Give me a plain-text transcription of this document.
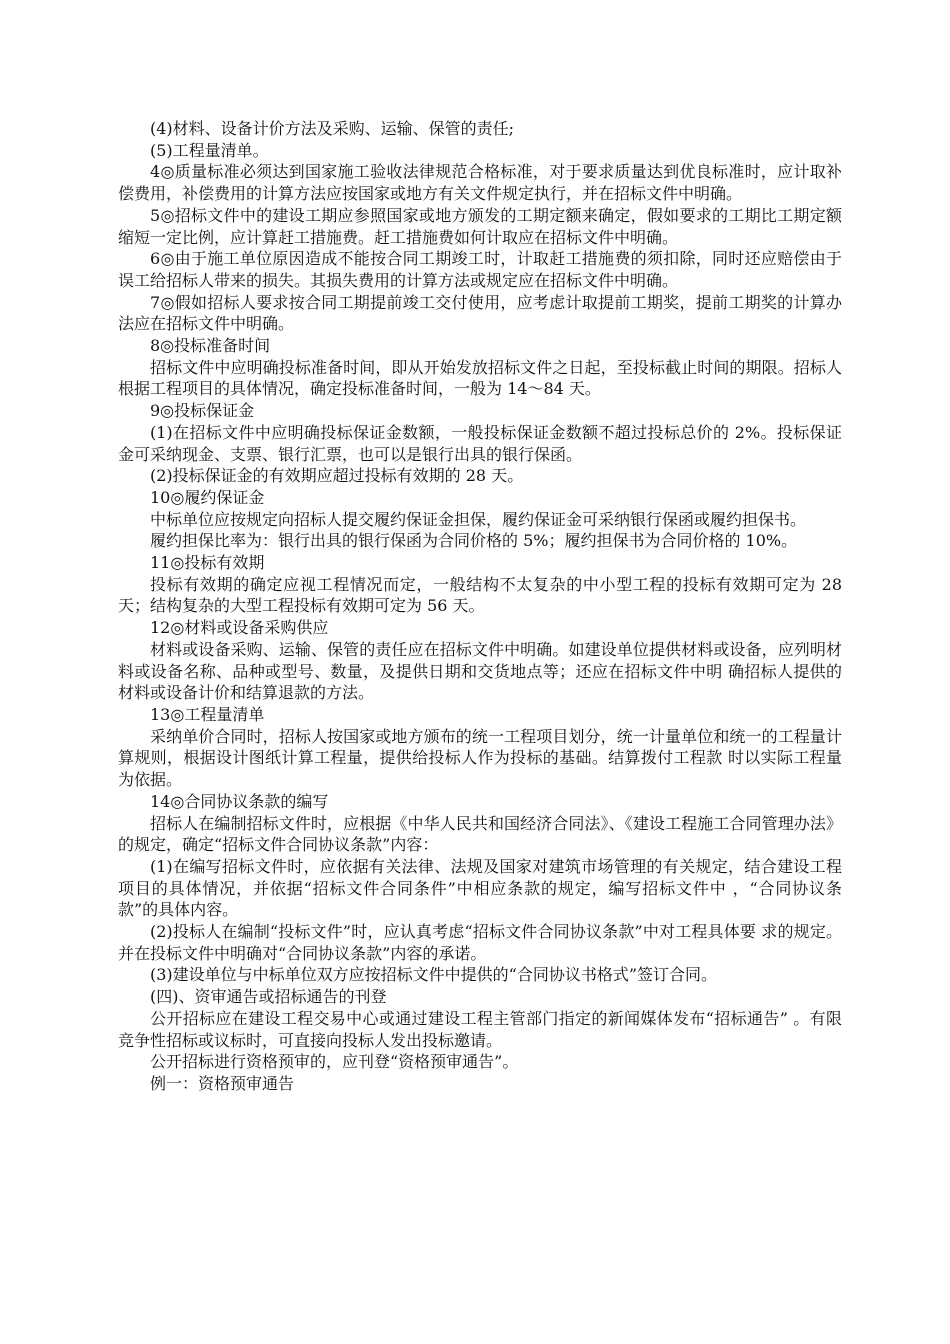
(4)材料、设备计价方法及采购、运输、保管的责任;

(5)工程量清单。

4◎质量标准必须达到国家施工验收法律规范合格标准，对于要求质量达到优良标准时，应计取补偿费用，补偿费用的计算方法应按国家或地方有关文件规定执行，并在招标文件中明确。

5◎招标文件中的建设工期应参照国家或地方颁发的工期定额来确定，假如要求的工期比工期定额缩短一定比例，应计算赶工措施费。赶工措施费如何计取应在招标文件中明确。

6◎由于施工单位原因造成不能按合同工期竣工时，计取赶工措施费的须扣除，同时还应赔偿由于误工给招标人带来的损失。其损失费用的计算方法或规定应在招标文件中明确。

7◎假如招标人要求按合同工期提前竣工交付使用，应考虑计取提前工期奖，提前工期奖的计算办法应在招标文件中明确。

8◎投标准备时间

招标文件中应明确投标准备时间，即从开始发放招标文件之日起，至投标截止时间的期限。招标人根据工程项目的具体情况，确定投标准备时间，一般为 14～84 天。

9◎投标保证金

(1)在招标文件中应明确投标保证金数额，一般投标保证金数额不超过投标总价的 2%。投标保证金可采纳现金、支票、银行汇票，也可以是银行出具的银行保函。

(2)投标保证金的有效期应超过投标有效期的 28 天。

10◎履约保证金

中标单位应按规定向招标人提交履约保证金担保，履约保证金可采纳银行保函或履约担保书。

履约担保比率为：银行出具的银行保函为合同价格的 5%；履约担保书为合同价格的 10%。

11◎投标有效期

投标有效期的确定应视工程情况而定，一般结构不太复杂的中小型工程的投标有效期可定为 28 天；结构复杂的大型工程投标有效期可定为 56 天。

12◎材料或设备采购供应

材料或设备采购、运输、保管的责任应在招标文件中明确。如建设单位提供材料或设备，应列明材料或设备名称、品种或型号、数量，及提供日期和交货地点等；还应在招标文件中明 确招标人提供的材料或设备计价和结算退款的方法。

13◎工程量清单

采纳单价合同时，招标人按国家或地方颁布的统一工程项目划分，统一计量单位和统一的工程量计算规则，根据设计图纸计算工程量，提供给投标人作为投标的基础。结算拨付工程款 时以实际工程量为依据。

14◎合同协议条款的编写

招标人在编制招标文件时，应根据《中华人民共和国经济合同法》、《建设工程施工合同管理办法》的规定，确定“招标文件合同协议条款”内容：

(1)在编写招标文件时，应依据有关法律、法规及国家对建筑市场管理的有关规定，结合建设工程项目的具体情况，并依据“招标文件合同条件”中相应条款的规定，编写招标文件中 ，“合同协议条款”的具体内容。

(2)投标人在编制“投标文件”时，应认真考虑“招标文件合同协议条款”中对工程具体要 求的规定。并在投标文件中明确对“合同协议条款”内容的承诺。

(3)建设单位与中标单位双方应按招标文件中提供的“合同协议书格式”签订合同。

(四)、资审通告或招标通告的刊登

公开招标应在建设工程交易中心或通过建设工程主管部门指定的新闻媒体发布“招标通告” 。有限竞争性招标或议标时，可直接向投标人发出投标邀请。

公开招标进行资格预审的，应刊登“资格预审通告”。

例一：资格预审通告
